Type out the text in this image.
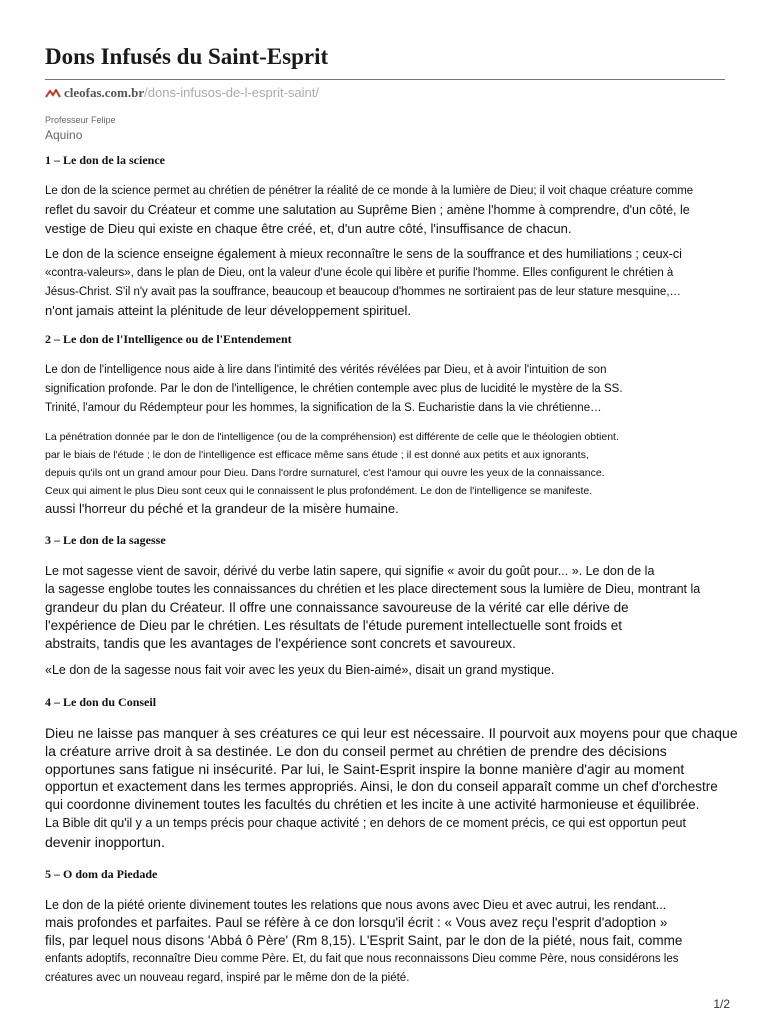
Dons Infusés du Saint-Esprit
cleofas.com.br/dons-infusos-de-l-esprit-saint/
Professeur Felipe
Aquino
1 – Le don de la science
Le don de la science permet au chrétien de pénétrer la réalité de ce monde à la lumière de Dieu; il voit chaque créature comme
reflet du savoir du Créateur et comme une salutation au Suprême Bien ; amène l'homme à comprendre, d'un côté, le
vestige de Dieu qui existe en chaque être créé, et, d'un autre côté, l'insuffisance de chacun.
Le don de la science enseigne également à mieux reconnaître le sens de la souffrance et des humiliations ; ceux-ci
«contra-valeurs», dans le plan de Dieu, ont la valeur d'une école qui libère et purifie l'homme. Elles configurent le chrétien à
Jésus-Christ. S'il n'y avait pas la souffrance, beaucoup et beaucoup d'hommes ne sortiraient pas de leur stature mesquine,…
n'ont jamais atteint la plénitude de leur développement spirituel.
2 – Le don de l'Intelligence ou de l'Entendement
Le don de l'intelligence nous aide à lire dans l'intimité des vérités révélées par Dieu, et à avoir l'intuition de son
signification profonde. Par le don de l'intelligence, le chrétien contemple avec plus de lucidité le mystère de la SS.
Trinité, l'amour du Rédempteur pour les hommes, la signification de la S. Eucharistie dans la vie chrétienne…
La pénétration donnée par le don de l'intelligence (ou de la compréhension) est différente de celle que le théologien obtient.
par le biais de l'étude ; le don de l'intelligence est efficace même sans étude ; il est donné aux petits et aux ignorants,
depuis qu'ils ont un grand amour pour Dieu. Dans l'ordre surnaturel, c'est l'amour qui ouvre les yeux de la connaissance.
Ceux qui aiment le plus Dieu sont ceux qui le connaissent le plus profondément. Le don de l'intelligence se manifeste.
aussi l'horreur du péché et la grandeur de la misère humaine.
3 – Le don de la sagesse
Le mot sagesse vient de savoir, dérivé du verbe latin sapere, qui signifie « avoir du goût pour... ». Le don de la
la sagesse englobe toutes les connaissances du chrétien et les place directement sous la lumière de Dieu, montrant la
grandeur du plan du Créateur. Il offre une connaissance savoureuse de la vérité car elle dérive de
l'expérience de Dieu par le chrétien. Les résultats de l'étude purement intellectuelle sont froids et
abstraits, tandis que les avantages de l'expérience sont concrets et savoureux.
«Le don de la sagesse nous fait voir avec les yeux du Bien-aimé», disait un grand mystique.
4 – Le don du Conseil
Dieu ne laisse pas manquer à ses créatures ce qui leur est nécessaire. Il pourvoit aux moyens pour que chaque
la créature arrive droit à sa destinée. Le don du conseil permet au chrétien de prendre des décisions
opportunes sans fatigue ni insécurité. Par lui, le Saint-Esprit inspire la bonne manière d'agir au moment
opportun et exactement dans les termes appropriés. Ainsi, le don du conseil apparaît comme un chef d'orchestre
qui coordonne divinement toutes les facultés du chrétien et les incite à une activité harmonieuse et équilibrée.
La Bible dit qu'il y a un temps précis pour chaque activité ; en dehors de ce moment précis, ce qui est opportun peut
devenir inopportun.
5 – O dom da Piedade
Le don de la piété oriente divinement toutes les relations que nous avons avec Dieu et avec autrui, les rendant...
mais profondes et parfaites. Paul se réfère à ce don lorsqu'il écrit : « Vous avez reçu l'esprit d'adoption »
fils, par lequel nous disons 'Abbá ô Père' (Rm 8,15). L'Esprit Saint, par le don de la piété, nous fait, comme
enfants adoptifs, reconnaître Dieu comme Père. Et, du fait que nous reconnaissons Dieu comme Père, nous considérons les
créatures avec un nouveau regard, inspiré par le même don de la piété.
1/2
